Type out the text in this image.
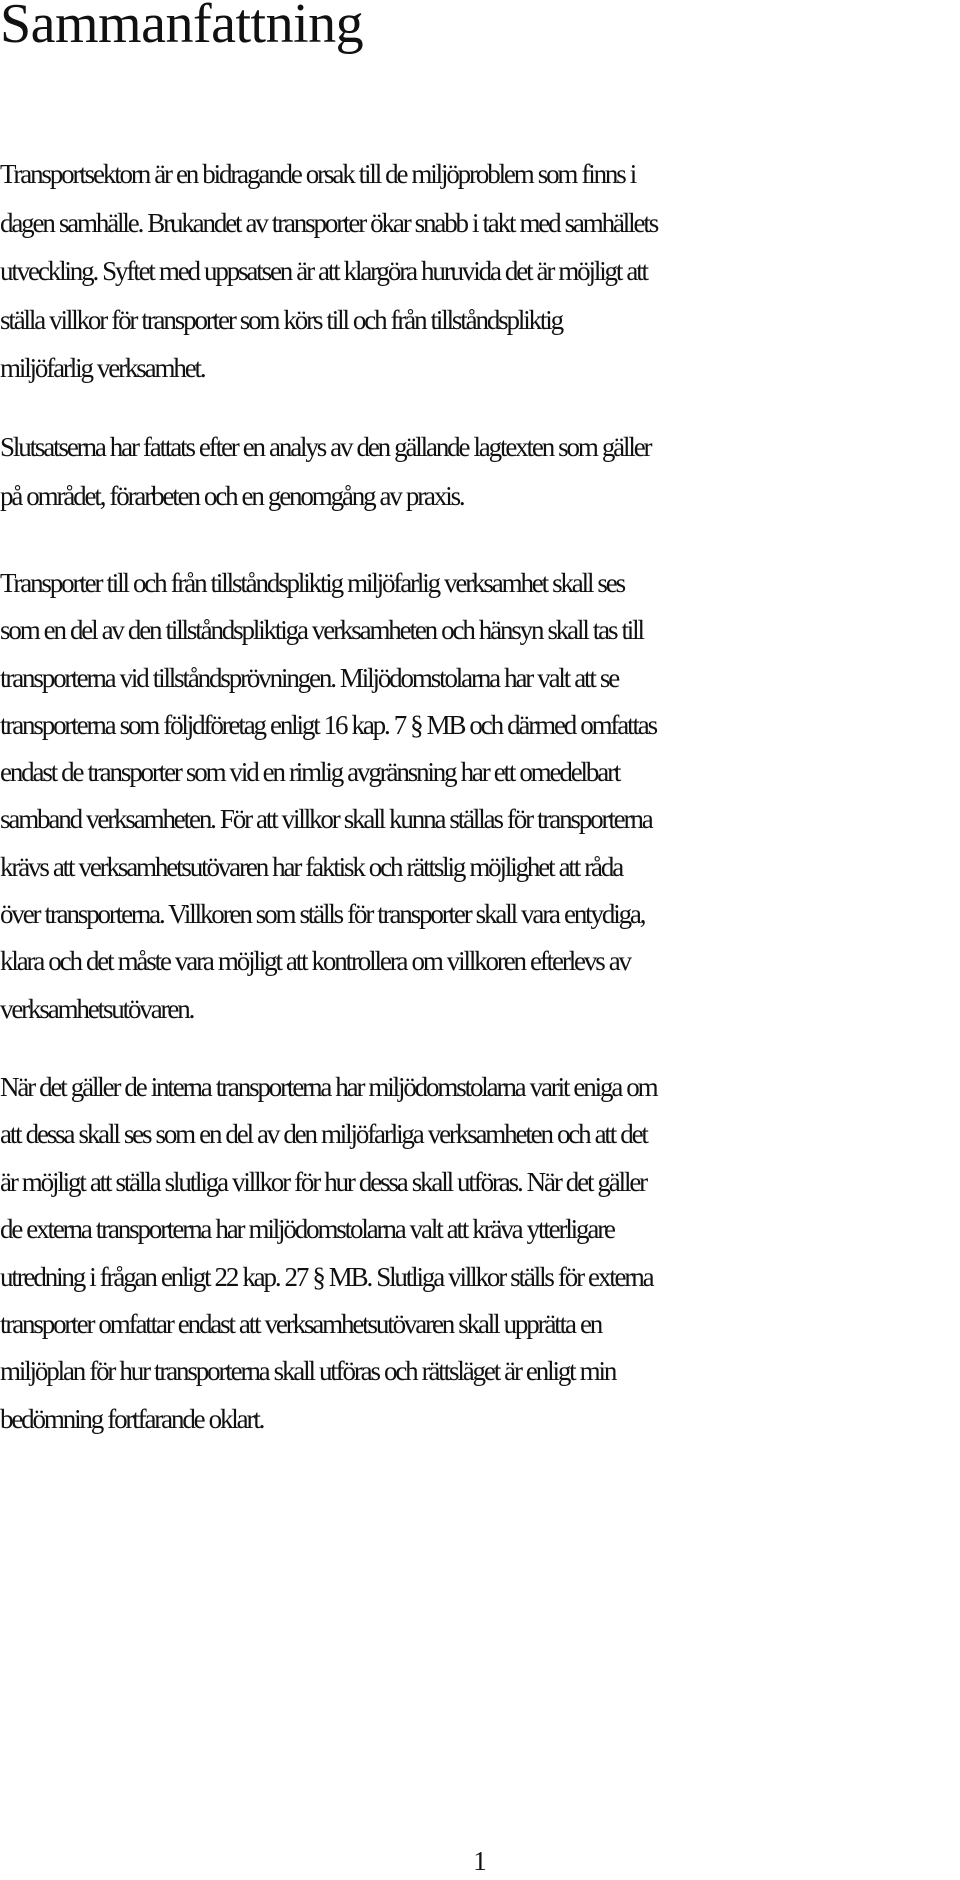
Sammanfattning

Transportsektorn är en bidragande orsak till de miljöproblem som finns i
dagen samhälle. Brukandet av transporter ökar snabb i takt med samhällets
utveckling. Syftet med uppsatsen är att klargöra huruvida det är möjligt att
ställa villkor för transporter som körs till och från tillståndspliktig
miljöfarlig verksamhet.

Slutsatserna har fattats efter en analys av den gällande lagtexten som gäller
på området, förarbeten och en genomgång av praxis.

Transporter till och från tillståndspliktig miljöfarlig verksamhet skall ses
som en del av den tillståndspliktiga verksamheten och hänsyn skall tas till
transporterna vid tillståndsprövningen. Miljödomstolarna har valt att se
transporterna som följdföretag enligt 16 kap. 7 § MB och därmed omfattas
endast de transporter som vid en rimlig avgränsning har ett omedelbart
samband verksamheten. För att villkor skall kunna ställas för transporterna
krävs att verksamhetsutövaren har faktisk och rättslig möjlighet att råda
över transporterna. Villkoren som ställs för transporter skall vara entydiga,
klara och det måste vara möjligt att kontrollera om villkoren efterlevs av
verksamhetsutövaren.

När det gäller de interna transporterna har miljödomstolarna varit eniga om
att dessa skall ses som en del av den miljöfarliga verksamheten och att det
är möjligt att ställa slutliga villkor för hur dessa skall utföras. När det gäller
de externa transporterna har miljödomstolarna valt att kräva ytterligare
utredning i frågan enligt 22 kap. 27 § MB. Slutliga villkor ställs för externa
transporter omfattar endast att verksamhetsutövaren skall upprätta en
miljöplan för hur transporterna skall utföras och rättsläget är enligt min
bedömning fortfarande oklart.

1
